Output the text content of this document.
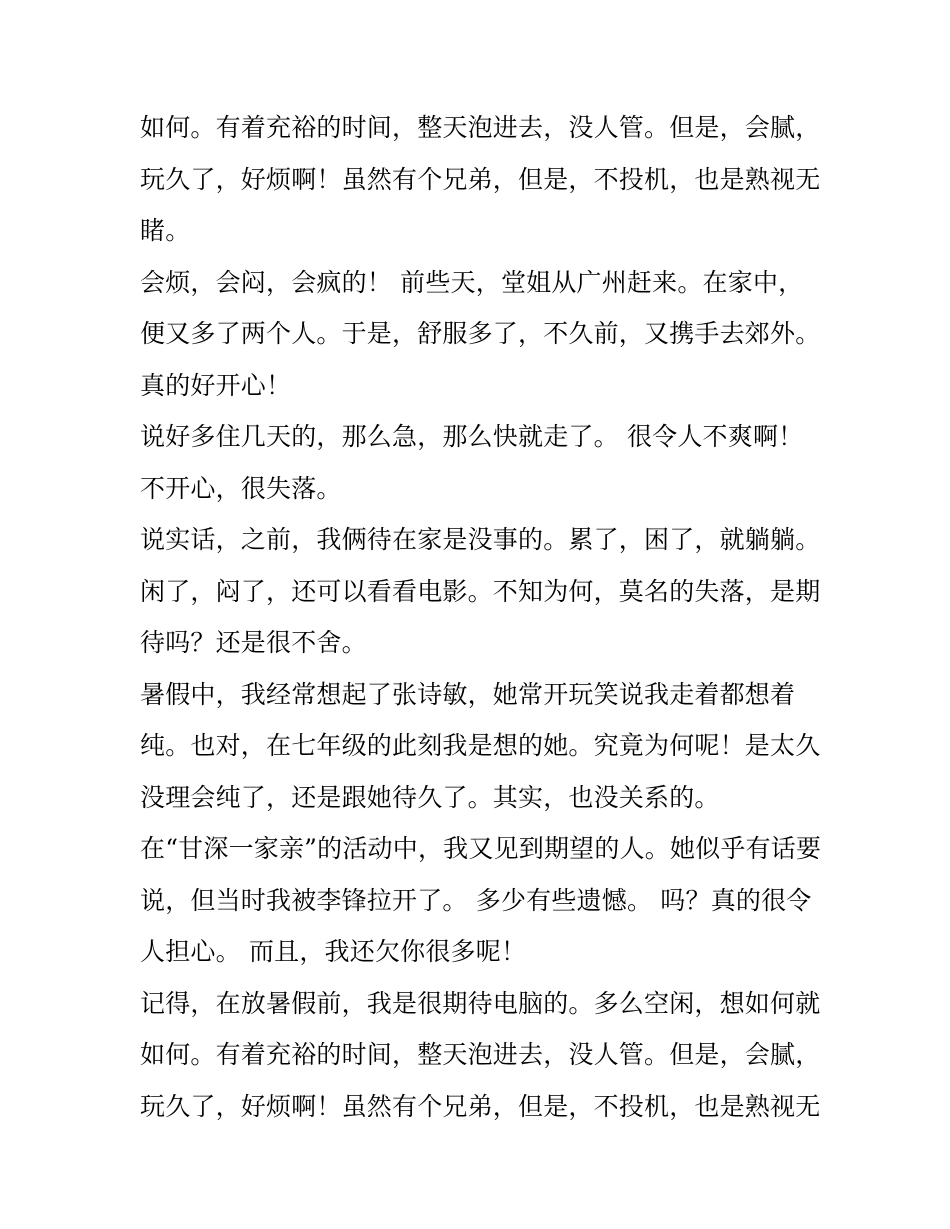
如何。有着充裕的时间，整天泡进去，没人管。但是，会腻，
玩久了，好烦啊！虽然有个兄弟，但是，不投机，也是熟视无
睹。
会烦，会闷，会疯的！ 前些天，堂姐从广州赶来。在家中，
便又多了两个人。于是，舒服多了，不久前，又携手去郊外。
真的好开心！
说好多住几天的，那么急，那么快就走了。 很令人不爽啊！
不开心，很失落。
说实话，之前，我俩待在家是没事的。累了，困了，就躺躺。
闲了，闷了，还可以看看电影。不知为何，莫名的失落，是期
待吗？还是很不舍。
暑假中，我经常想起了张诗敏，她常开玩笑说我走着都想着
纯。也对，在七年级的此刻我是想的她。究竟为何呢！是太久
没理会纯了，还是跟她待久了。其实，也没关系的。
在“甘深一家亲”的活动中，我又见到期望的人。她似乎有话要
说，但当时我被李锋拉开了。 多少有些遗憾。 吗？真的很令
人担心。 而且，我还欠你很多呢！
记得，在放暑假前，我是很期待电脑的。多么空闲，想如何就
如何。有着充裕的时间，整天泡进去，没人管。但是，会腻，
玩久了，好烦啊！虽然有个兄弟，但是，不投机，也是熟视无
